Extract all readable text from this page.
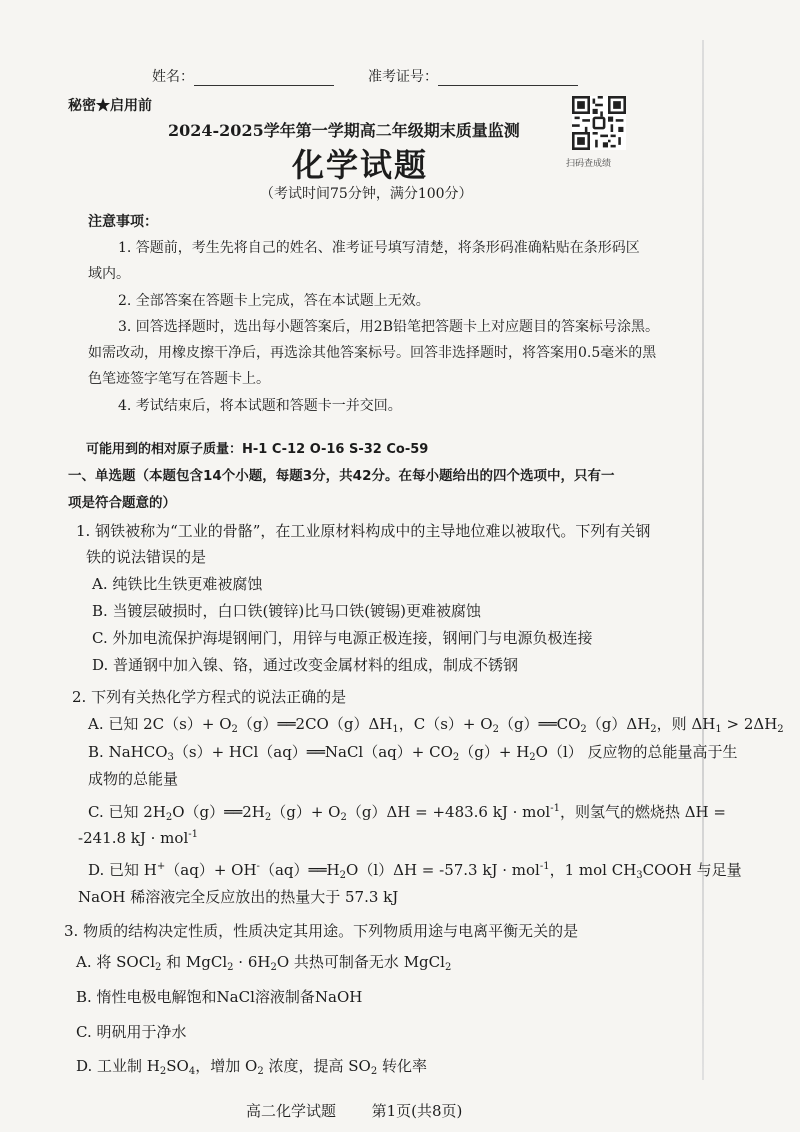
姓名：	准考证号：
秘密★启用前
2024-2025学年第一学期高二年级期末质量监测
化学试题
（考试时间75分钟，满分100分）
扫码查成绩
注意事项：
1. 答题前，考生先将自己的姓名、准考证号填写清楚，将条形码准确粘贴在条形码区
域内。
2. 全部答案在答题卡上完成，答在本试题上无效。
3. 回答选择题时，选出每小题答案后，用2B铅笔把答题卡上对应题目的答案标号涂黑。
如需改动，用橡皮擦干净后，再选涂其他答案标号。回答非选择题时，将答案用0.5毫米的黑
色笔迹签字笔写在答题卡上。
4. 考试结束后，将本试题和答题卡一并交回。
可能用到的相对原子质量：H-1 C-12 O-16 S-32 Co-59
一、单选题（本题包含14个小题，每题3分，共42分。在每小题给出的四个选项中，只有一
项是符合题意的）
1. 钢铁被称为“工业的骨骼”，在工业原材料构成中的主导地位难以被取代。下列有关钢
铁的说法错误的是
A. 纯铁比生铁更难被腐蚀
B. 当镀层破损时，白口铁(镀锌)比马口铁(镀锡)更难被腐蚀
C. 外加电流保护海堤钢闸门，用锌与电源正极连接，钢闸门与电源负极连接
D. 普通钢中加入镍、铬，通过改变金属材料的组成，制成不锈钢
2. 下列有关热化学方程式的说法正确的是
A. 已知 $2C(s)+ O_2(g)══2CO(g)\Delta H_1$，$C(s)+ O_2(g)══CO_2(g)\Delta H_2$，则 $\Delta H_1 > 2\Delta H_2$
B. NaHCO$_3$（s）+ HCl（aq）══NaCl（aq）+ $CO_2(g)+ H_2O(l)$ 反应物的总能量高于生
成物的总能量
C. 已知 $2H_2O(g)══2H_2(g)+ O_2(g)\Delta H = +483.6$ kJ · mol$^{-1}$，则氢气的燃烧热 ΔH =
-241.8 kJ · mol$^{-1}$
D. 已知 $H^+(aq)+ OH^-(aq)══H_2O(l)\Delta H = -57.3$ kJ · mol$^{-1}$，1 mol $CH_3COOH$ 与足量
NaOH 稀溶液完全反应放出的热量大于 57.3 kJ
3. 物质的结构决定性质，性质决定其用途。下列物质用途与电离平衡无关的是
A. 将 SOCl$_2$ 和 MgCl$_2$ · $6H_2O$ 共热可制备无水 MgCl$_2$
B. 惰性电极电解饱和NaCl溶液制备NaOH
C. 明矾用于净水
D. 工业制 $H_2SO_4$，增加 $O_2$ 浓度，提高 $SO_2$ 转化率
高二化学试题 第1页(共8页)
